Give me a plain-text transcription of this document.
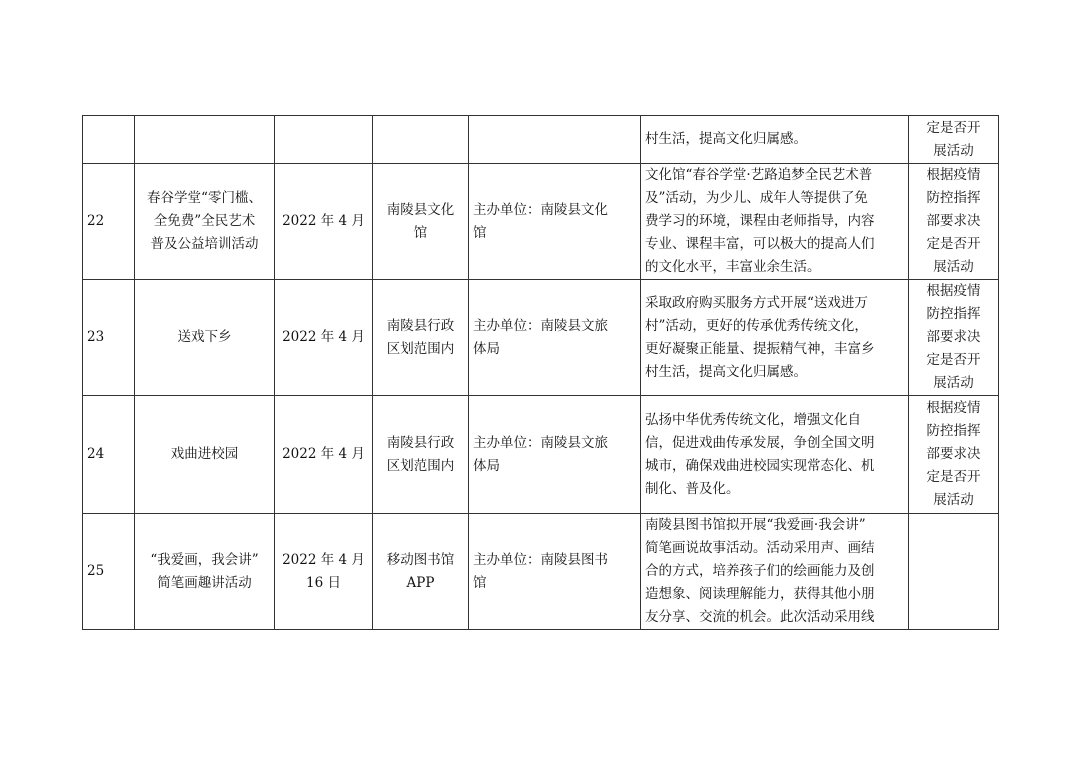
					村生活，提高文化归属感。	定是否开
展活动

22	春谷学堂“零门槛、
全免费”全民艺术
普及公益培训活动	2022 年 4 月	南陵县文化
馆	主办单位：南陵县文化
馆	文化馆“春谷学堂·艺路追梦全民艺术普
及”活动，为少儿、成年人等提供了免
费学习的环境，课程由老师指导，内容
专业、课程丰富，可以极大的提高人们
的文化水平，丰富业余生活。	根据疫情
防控指挥
部要求决
定是否开
展活动

23	送戏下乡	2022 年 4 月	南陵县行政
区划范围内	主办单位：南陵县文旅
体局	采取政府购买服务方式开展“送戏进万
村”活动，更好的传承优秀传统文化，
更好凝聚正能量、提振精气神，丰富乡
村生活，提高文化归属感。	根据疫情
防控指挥
部要求决
定是否开
展活动

24	戏曲进校园	2022 年 4 月	南陵县行政
区划范围内	主办单位：南陵县文旅
体局	弘扬中华优秀传统文化，增强文化自
信，促进戏曲传承发展，争创全国文明
城市，确保戏曲进校园实现常态化、机
制化、普及化。	根据疫情
防控指挥
部要求决
定是否开
展活动

25	“我爱画，我会讲”
简笔画趣讲活动	2022 年 4 月
16 日	移动图书馆
APP	主办单位：南陵县图书
馆	南陵县图书馆拟开展“我爱画·我会讲”
简笔画说故事活动。活动采用声、画结
合的方式，培养孩子们的绘画能力及创
造想象、阅读理解能力，获得其他小朋
友分享、交流的机会。此次活动采用线	
